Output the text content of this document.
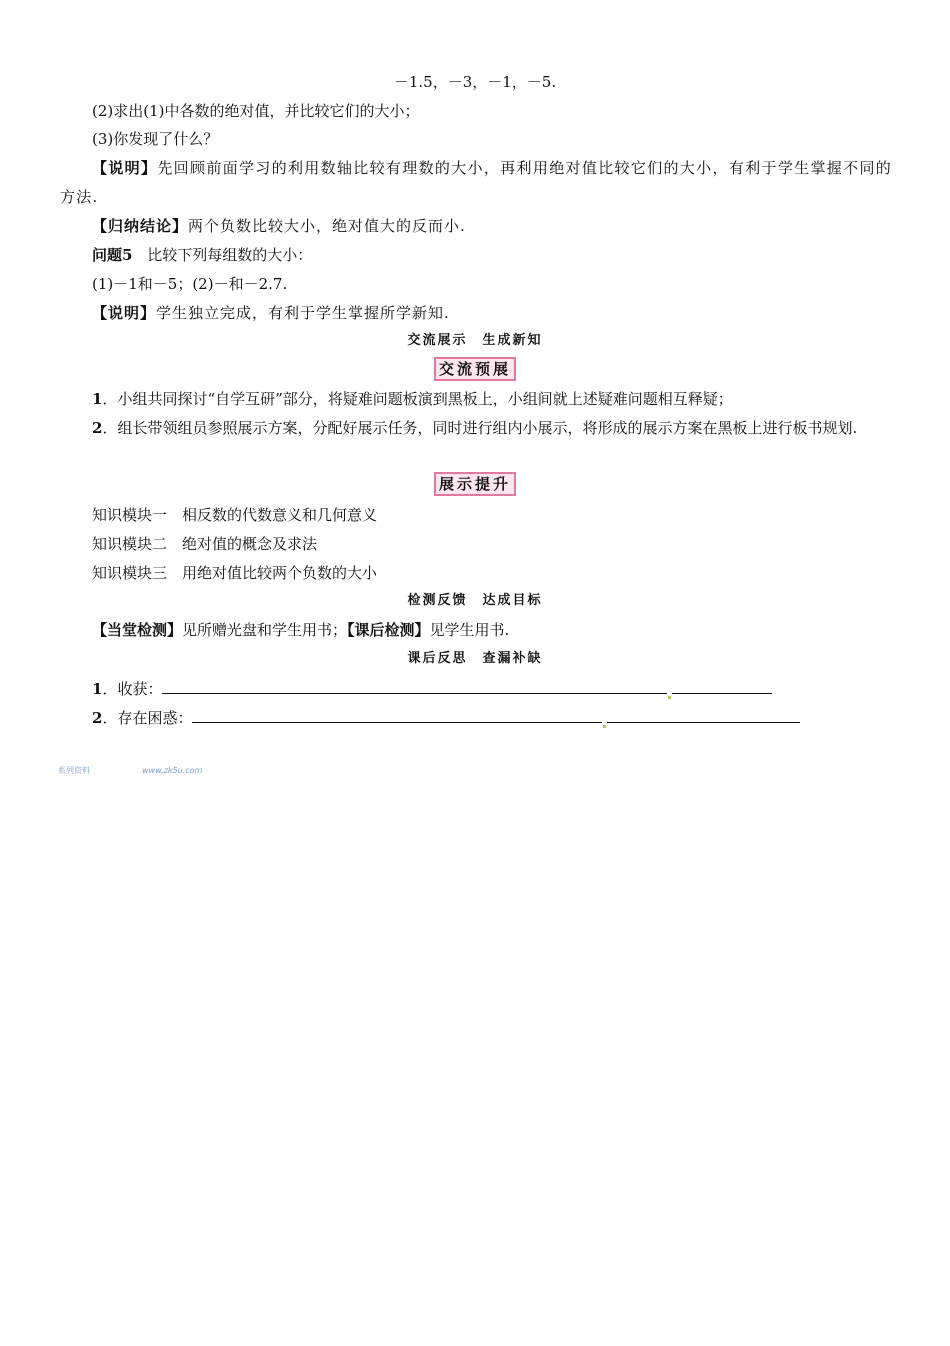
－1.5，－3，－1，－5.
(2)求出(1)中各数的绝对值，并比较它们的大小；
(3)你发现了什么？
【说明】先回顾前面学习的利用数轴比较有理数的大小，再利用绝对值比较它们的大小，有利于学生掌握不同的方法.
【归纳结论】两个负数比较大小，绝对值大的反而小.
问题5 比较下列每组数的大小：
(1)－1和－5；(2)－和－2.7.
【说明】学生独立完成，有利于学生掌握所学新知.
交流展示　生成新知
交流预展
1．小组共同探讨“自学互研”部分，将疑难问题板演到黑板上，小组间就上述疑难问题相互释疑；
2．组长带领组员参照展示方案，分配好展示任务，同时进行组内小展示，将形成的展示方案在黑板上进行板书规划.
展示提升
知识模块一　相反数的代数意义和几何意义
知识模块二　绝对值的概念及求法
知识模块三　用绝对值比较两个负数的大小
检测反馈　达成目标
【当堂检测】见所赠光盘和学生用书；【课后检测】见学生用书.
课后反思　查漏补缺
1．收获：
2．存在困惑：
系列资料	www.zk5u.com
